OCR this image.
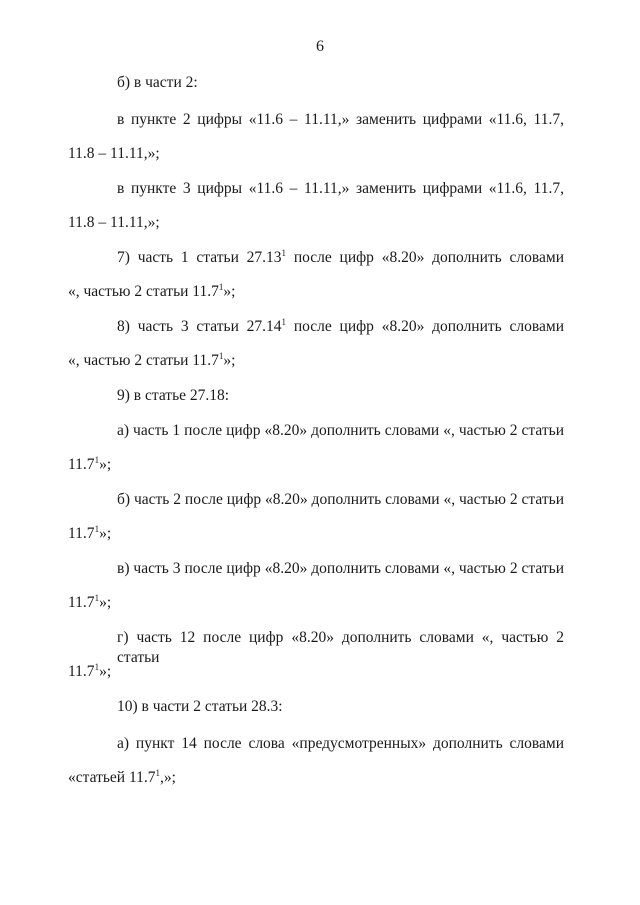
6
б) в части 2:
в пункте 2 цифры «11.6 – 11.11,» заменить цифрами «11.6, 11.7,
11.8 – 11.11,»;
в пункте 3 цифры «11.6 – 11.11,» заменить цифрами «11.6, 11.7,
11.8 – 11.11,»;
7) часть 1 статьи 27.13$^1$ после цифр «8.20» дополнить словами
«, частью 2 статьи 11.7$^1$»;
8) часть 3 статьи 27.14$^1$ после цифр «8.20» дополнить словами
«, частью 2 статьи 11.7$^1$»;
9) в статье 27.18:
а) часть 1 после цифр «8.20» дополнить словами «, частью 2 статьи
11.7$^1$»;
б) часть 2 после цифр «8.20» дополнить словами «, частью 2 статьи
11.7$^1$»;
в) часть 3 после цифр «8.20» дополнить словами «, частью 2 статьи
11.7$^1$»;
г) часть 12 после цифр «8.20» дополнить словами «, частью 2 статьи
11.7$^1$»;
10) в части 2 статьи 28.3:
а) пункт 14 после слова «предусмотренных» дополнить словами
«статьей 11.7$^1$,»;
